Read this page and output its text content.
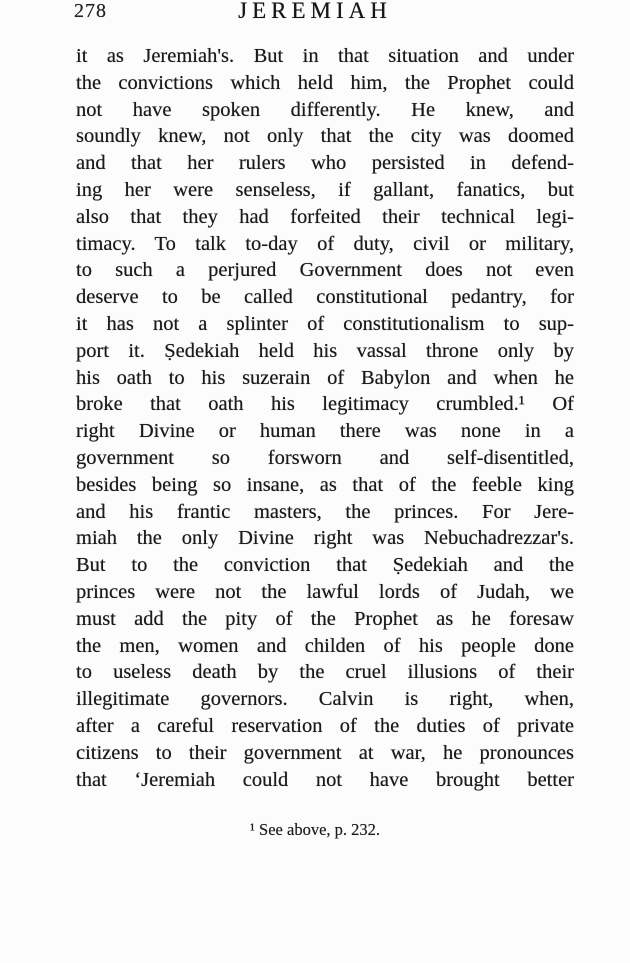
278	JEREMIAH
it as Jeremiah's. But in that situation and under
the convictions which held him, the Prophet could
not have spoken differently. He knew, and
soundly knew, not only that the city was doomed
and that her rulers who persisted in defend-
ing her were senseless, if gallant, fanatics, but
also that they had forfeited their technical legi-
timacy. To talk to-day of duty, civil or military,
to such a perjured Government does not even
deserve to be called constitutional pedantry, for
it has not a splinter of constitutionalism to sup-
port it. Ṣedekiah held his vassal throne only by
his oath to his suzerain of Babylon and when he
broke that oath his legitimacy crumbled.¹ Of
right Divine or human there was none in a
government so forsworn and self-disentitled,
besides being so insane, as that of the feeble king
and his frantic masters, the princes. For Jere-
miah the only Divine right was Nebuchadrezzar's.
But to the conviction that Ṣedekiah and the
princes were not the lawful lords of Judah, we
must add the pity of the Prophet as he foresaw
the men, women and childen of his people done
to useless death by the cruel illusions of their
illegitimate governors. Calvin is right, when,
after a careful reservation of the duties of private
citizens to their government at war, he pronounces
that ʻJeremiah could not have brought better
¹ See above, p. 232.
